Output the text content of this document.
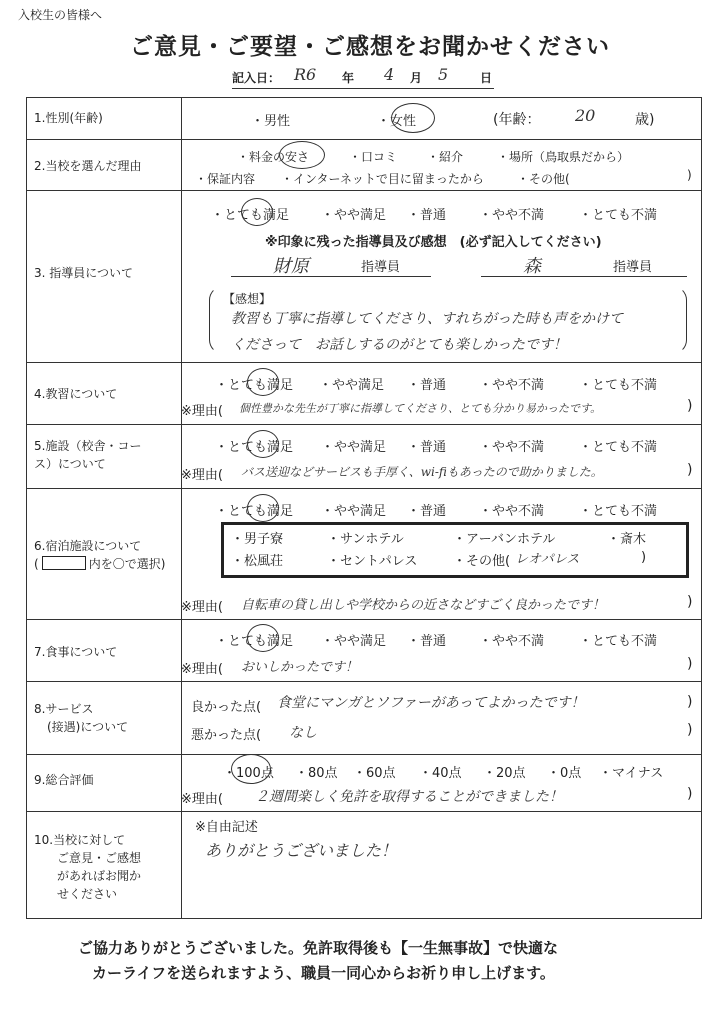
入校生の皆様へ
ご意見・ご要望・ご感想をお聞かせください
記入日： R6 年 4 月 5	日
1.性別(年齢)	・男性	・女性	(年齢： 20	歳)
2.当校を選んだ理由
・料金の安さ	・口コミ ・紹介	・場所（鳥取県だから）
・保証内容 ・インターネットで目に留まったから	・その他(	)
3. 指導員について
・とても満足 ・やや満足 ・普通	・やや不満	・とても不満
※印象に残った指導員及び感想　(必ず記入してください)
財原	指導員	森	指導員
【感想】
教習も丁寧に指導してくださり、すれちがった時も声をかけて
くださって　お話しするのがとても楽しかったです！
4.教習について
・とても満足 ・やや満足 ・普通	・やや不満	・とても不満
※理由( 個性豊かな先生が丁寧に指導してくださり、とても分かり易かったです。	)
5.施設（校舎・コー
ス）について
・とても満足 ・やや満足 ・普通	・やや不満	・とても不満
※理由( バス送迎などサービスも手厚く、wi-fiもあったので助かりました。	)
6.宿泊施設について
(	内を〇で選択)
・とても満足 ・やや満足 ・普通	・やや不満	・とても不満
・男子寮	・サンホテル	・アーバンホテル	・斎木
・松風荘	・セントパレス	・その他( レオパレス	)
※理由( 自転車の貸し出しや学校からの近さなどすごく良かったです！	)
7.食事について
・とても満足 ・やや満足 ・普通	・やや不満	・とても不満
※理由( おいしかったです！	)
8.サービス
(接遇)について
良かった点( 食堂にマンガとソファーがあってよかったです！	)
悪かった点( なし	)
9.総合評価	・100点 ・80点 ・60点 ・40点 ・20点 ・0点 ・マイナス
※理由( ２週間楽しく免許を取得することができました！	)
10.当校に対して
ご意見・ご感想
があればお聞か
せください
※自由記述
ありがとうございました！
ご協力ありがとうございました。免許取得後も【一生無事故】で快適な
カーライフを送られますよう、職員一同心からお祈り申し上げます。
